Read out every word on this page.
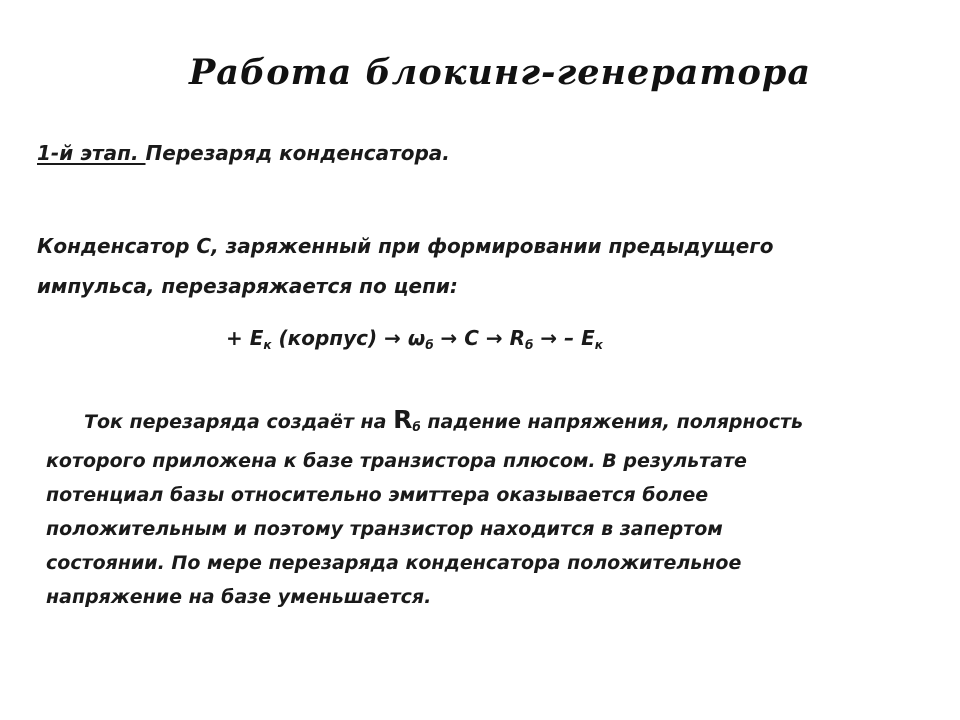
Работа блокинг-генератора
1-й этап. Перезаряд конденсатора.
Конденсатор С, заряженный при формировании предыдущего
импульса, перезаряжается по цепи:
+ $Е_к$ (корпус) → $\omega_б \to С \to R_б$ → – $Е_к$
Ток перезаряда создаёт на $R_б$ падение напряжения, полярность
которого приложена к базе транзистора плюсом. В результате
потенциал базы относительно эмиттера оказывается более
положительным и поэтому транзистор находится в запертом
состоянии. По мере перезаряда конденсатора положительное
напряжение на базе уменьшается.
